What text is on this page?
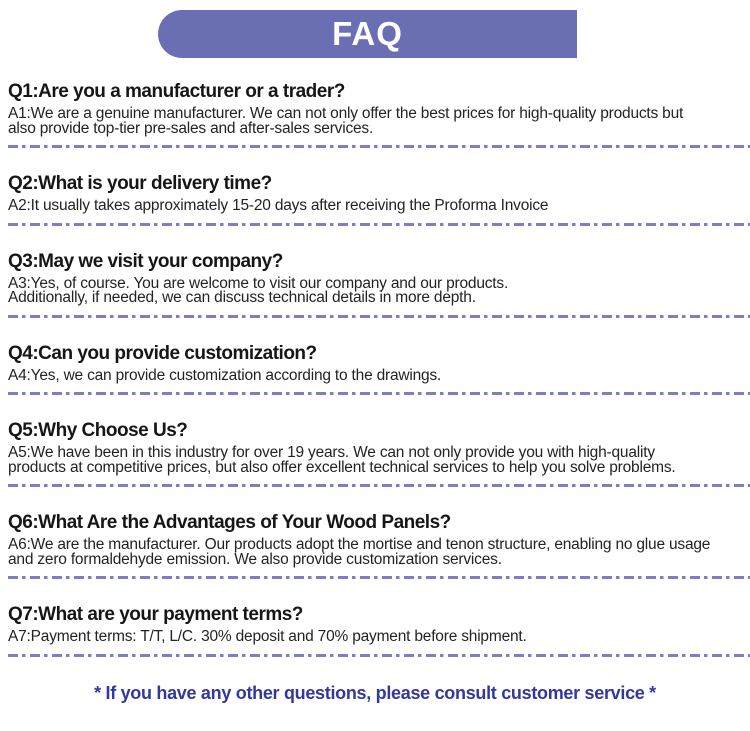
FAQ
Q1:Are you a manufacturer or a trader?
A1:We are a genuine manufacturer. We can not only offer the best prices for high-quality products but
also provide top-tier pre-sales and after-sales services.
Q2:What is your delivery time?
A2:It usually takes approximately 15-20 days after receiving the Proforma Invoice
Q3:May we visit your company?
A3:Yes, of course. You are welcome to visit our company and our products.
Additionally, if needed, we can discuss technical details in more depth.
Q4:Can you provide customization?
A4:Yes, we can provide customization according to the drawings.
Q5:Why Choose Us?
A5:We have been in this industry for over 19 years. We can not only provide you with high-quality
products at competitive prices, but also offer excellent technical services to help you solve problems.
Q6:What Are the Advantages of Your Wood Panels?
A6:We are the manufacturer. Our products adopt the mortise and tenon structure, enabling no glue usage
and zero formaldehyde emission. We also provide customization services.
Q7:What are your payment terms?
A7:Payment terms: T/T, L/C. 30% deposit and 70% payment before shipment.
* If you have any other questions, please consult customer service *
